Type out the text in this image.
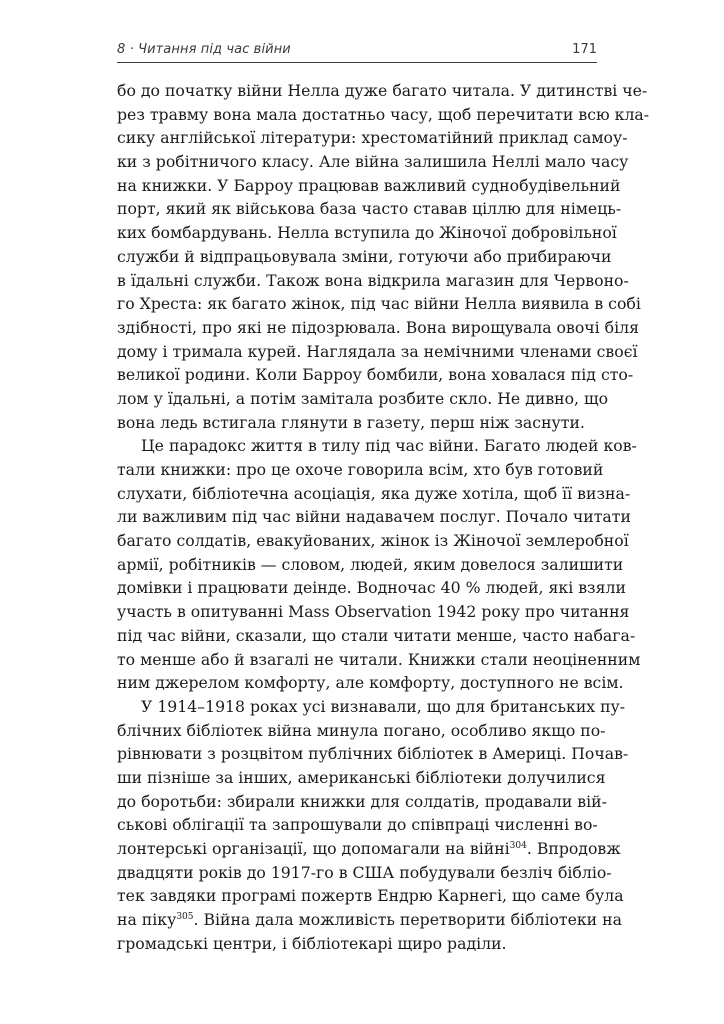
8 · Читання під час війни	171
бо до початку війни Нелла дуже багато читала. У дитинстві че-
рез травму вона мала достатньо часу, щоб перечитати всю кла-
сику англійської літератури: хрестоматійний приклад самоу-
ки з робітничого класу. Але війна залишила Неллі мало часу
на книжки. У Барроу працював важливий суднобудівельний
порт, який як військова база часто ставав ціллю для німець-
ких бомбардувань. Нелла вступила до Жіночої добровільної
служби й відпрацьовувала зміни, готуючи або прибираючи
в їдальні служби. Також вона відкрила магазин для Червоно-
го Хреста: як багато жінок, під час війни Нелла виявила в собі
здібності, про які не підозрювала. Вона вирощувала овочі біля
дому і тримала курей. Наглядала за немічними членами своєї
великої родини. Коли Барроу бомбили, вона ховалася під сто-
лом у їдальні, а потім замітала розбите скло. Не дивно, що
вона ледь встигала глянути в газету, перш ніж заснути.
Це парадокс життя в тилу під час війни. Багато людей ков-
тали книжки: про це охоче говорила всім, хто був готовий
слухати, бібліотечна асоціація, яка дуже хотіла, щоб її визна-
ли важливим під час війни надавачем послуг. Почало читати
багато солдатів, евакуйованих, жінок із Жіночої землеробної
армії, робітників — словом, людей, яким довелося залишити
домівки і працювати деінде. Водночас 40 % людей, які взяли
участь в опитуванні Mass Observation 1942 року про читання
під час війни, сказали, що стали читати менше, часто набага-
то менше або й взагалі не читали. Книжки стали неоціненним
ним джерелом комфорту, але комфорту, доступного не всім.
У 1914–1918 роках усі визнавали, що для британських пу-
блічних бібліотек війна минула погано, особливо якщо по-
рівнювати з розцвітом публічних бібліотек в Америці. Почав-
ши пізніше за інших, американські бібліотеки долучилися
до боротьби: збирали книжки для солдатів, продавали вій-
ськові облігації та запрошували до співпраці численні во-
лонтерські організації, що допомагали на війні$^{304}$. Впродовж
двадцяти років до 1917-го в США побудували безліч бібліо-
тек завдяки програмі пожертв Ендрю Карнегі, що саме була
на піку$^{305}$. Війна дала можливість перетворити бібліотеки на
громадські центри, і бібліотекарі щиро раділи.
